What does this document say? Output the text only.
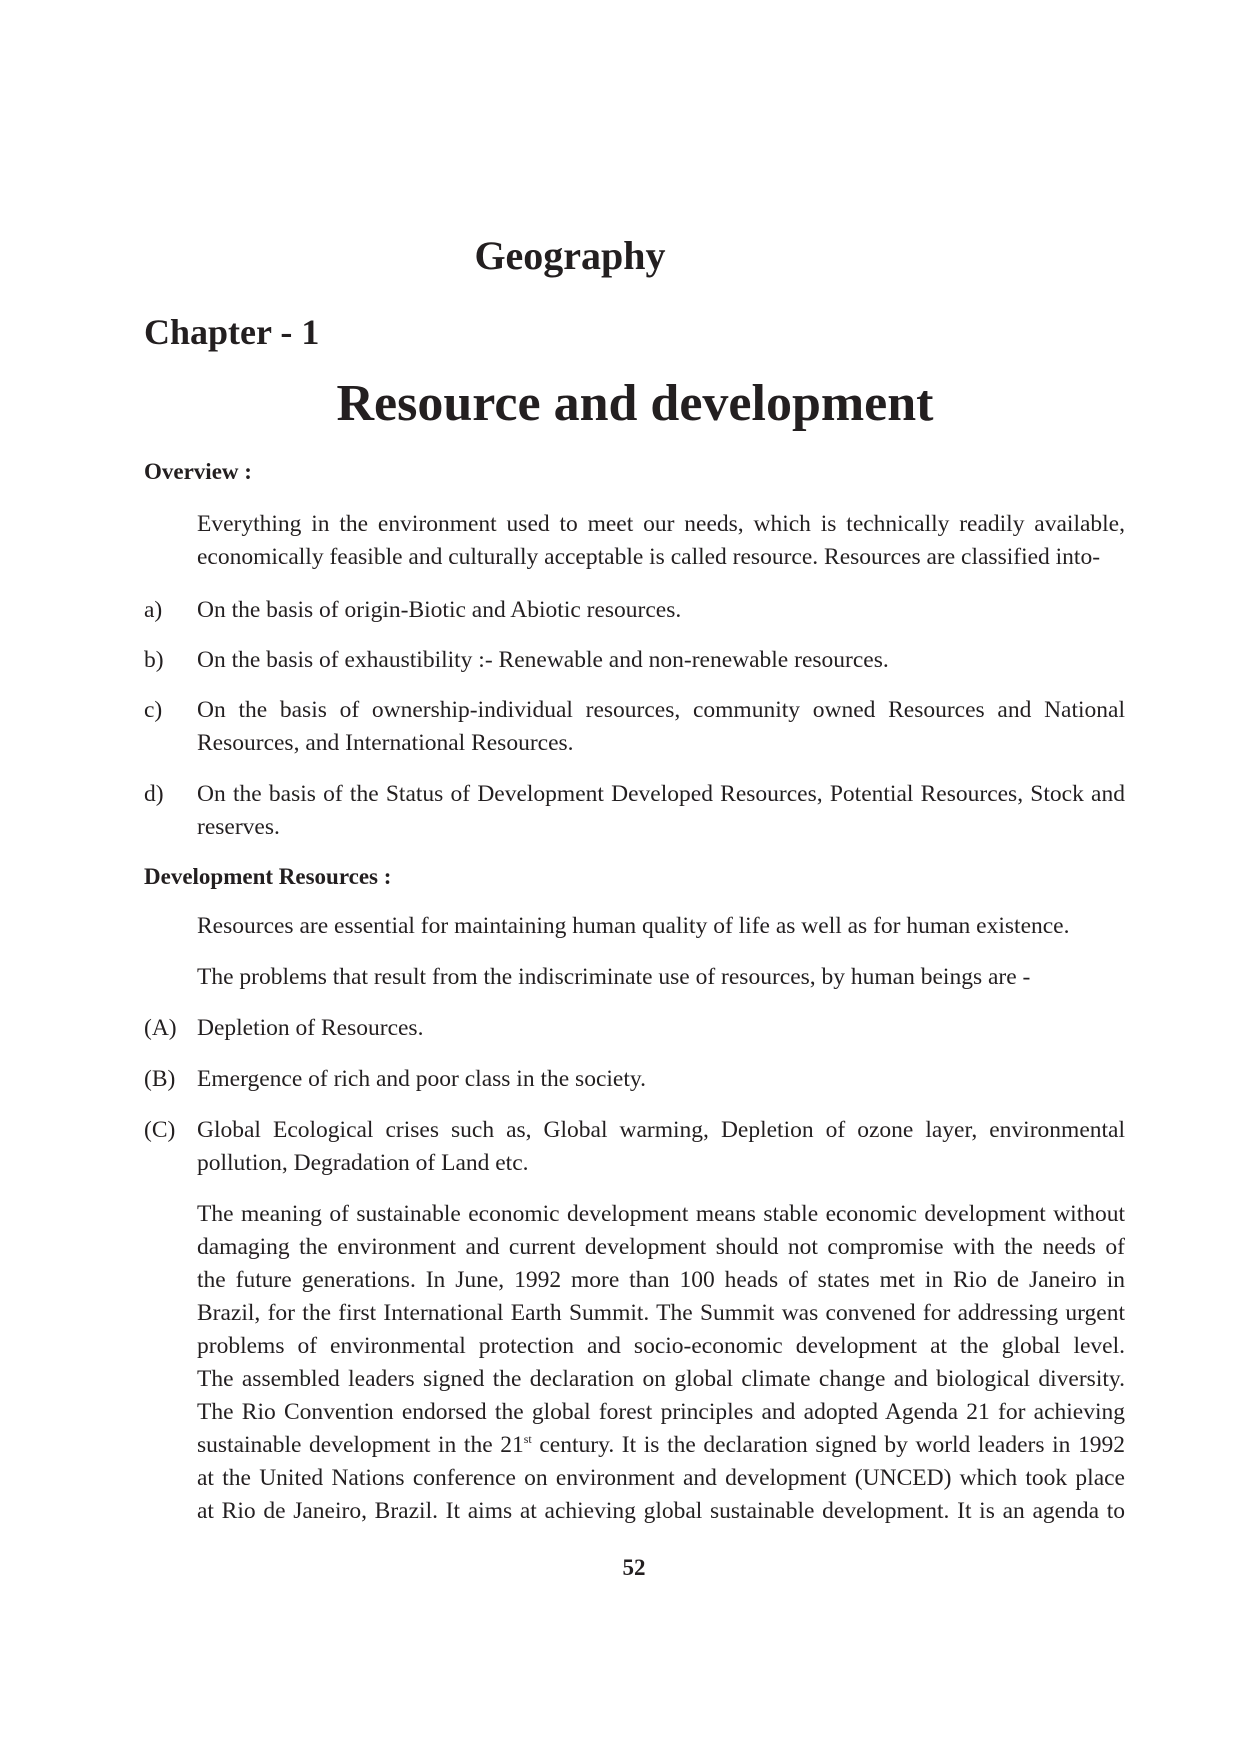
Geography
Chapter - 1
Resource and development
Overview :
Everything in the environment used to meet our needs, which is technically readily available, economically feasible and culturally acceptable is called resource. Resources are classified into-
a) On the basis of origin-Biotic and Abiotic resources.
b) On the basis of exhaustibility :- Renewable and non-renewable resources.
c) On the basis of ownership-individual resources, community owned Resources and National Resources, and International Resources.
d) On the basis of the Status of Development Developed Resources, Potential Resources, Stock and reserves.
Development Resources :
Resources are essential for maintaining human quality of life as well as for human existence.
The problems that result from the indiscriminate use of resources, by human beings are -
(A) Depletion of Resources.
(B) Emergence of rich and poor class in the society.
(C) Global Ecological crises such as, Global warming, Depletion of ozone layer, environmental pollution, Degradation of Land etc.
The meaning of sustainable economic development means stable economic development without
damaging the environment and current development should not compromise with the needs of
the future generations. In June, 1992 more than 100 heads of states met in Rio de Janeiro in
Brazil, for the first International Earth Summit. The Summit was convened for addressing urgent
problems of environmental protection and socio-economic development at the global level.
The assembled leaders signed the declaration on global climate change and biological diversity.
The Rio Convention endorsed the global forest principles and adopted Agenda 21 for achieving
sustainable development in the 21st century. It is the declaration signed by world leaders in 1992
at the United Nations conference on environment and development (UNCED) which took place
at Rio de Janeiro, Brazil. It aims at achieving global sustainable development. It is an agenda to
52
